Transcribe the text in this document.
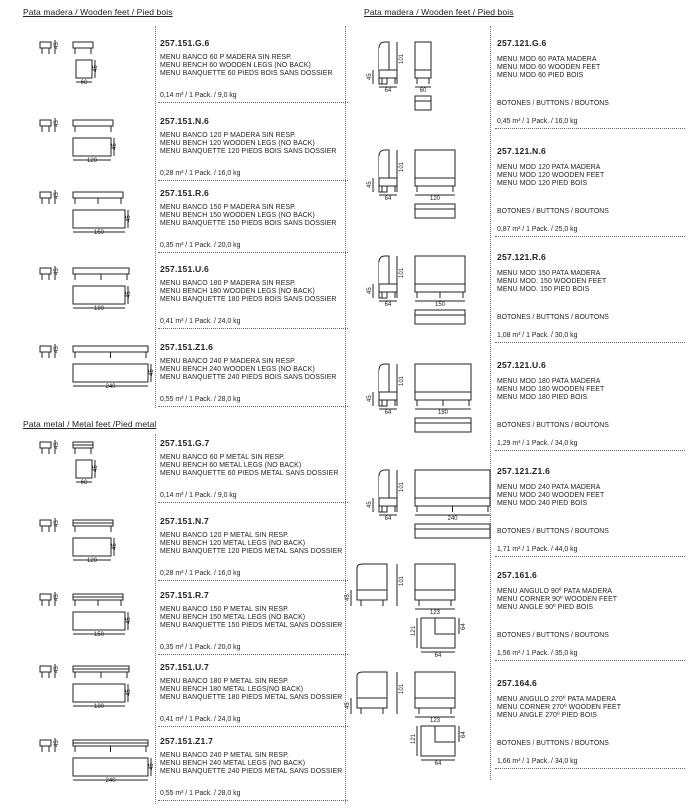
Pata madera / Wooden feet / Pied bois
Pata metal / Metal feet /Pied metal
Pata madera / Wooden feet / Pied bois
45
45
60
257.151.G.6
MENU BANCO 60 P MADERA SIN RESP.
MENU BENCH 60 WOODEN LEGS (NO BACK)
MENU BANQUETTE 60 PIEDS BOIS SANS DOSSIER
0,14 m³ / 1 Pack. / 9,0 kg
45
45
120
257.151.N.6
MENU BANCO 120 P MADERA SIN RESP.
MENU BENCH 120 WOODEN LEGS (NO BACK)
MENU BANQUETTE 120 PIEDS BOIS SANS DOSSIER
0,28 m³ / 1 Pack. / 16,0 kg
45
45
150
257.151.R.6
MENU BANCO 150 P MADERA SIN RESP.
MENU BENCH 150 WOODEN LEGS (NO BACK)
MENU BANQUETTE 150 PIEDS BOIS SANS DOSSIER
0,35 m³ / 1 Pack. / 20,0 kg
45
45
180
257.151.U.6
MENU BANCO 180 P MADERA SIN RESP.
MENU BENCH 180 WOODEN LEGS (NO BACK)
MENU BANQUETTE 180 PIEDS BOIS SANS DOSSIER
0,41 m³ / 1 Pack. / 24,0 kg
45
45
240
257.151.Z1.6
MENU BANCO 240 P MADERA SIN RESP.
MENU BENCH 240 WOODEN LEGS (NO BACK)
MENU BANQUETTE 240 PIEDS BOIS SANS DOSSIER
0,55 m³ / 1 Pack. / 28,0 kg
45
45
60
257.151.G.7
MENU BANCO 60 P METAL SIN RESP.
MENU BENCH 60 METAL LEGS (NO BACK)
MENU BANQUETTE 60 PIEDS METAL SANS DOSSIER
0,14 m³ / 1 Pack. / 9,0 kg
45
45
120
257.151.N.7
MENU BANCO 120 P METAL SIN RESP.
MENU BENCH 120 METAL LEGS (NO BACK)
MENU BANQUETTE 120 PIEDS METAL SANS DOSSIER
0,28 m³ / 1 Pack. / 16,0 kg
45
45
150
257.151.R.7
MENU BANCO 150 P METAL SIN RESP.
MENU BENCH 150 METAL LEGS (NO BACK)
MENU BANQUETTE 150 PIEDS METAL SANS DOSSIER
0,35 m³ / 1 Pack. / 20,0 kg
45
45
180
257.151.U.7
MENU BANCO 180 P METAL SIN RESP.
MENU BENCH 180 METAL LEGS(NO BACK)
MENU BANQUETTE 180 PIEDS METAL SANS DOSSIER
0,41 m³ / 1 Pack. / 24,0 kg
45
45
240
257.151.Z1.7
MENU BANCO 240 P METAL SIN RESP.
MENU BENCH 240 METAL LEGS (NO BACK)
MENU BANQUETTE 240 PIEDS METAL SANS DOSSIER
0,55 m³ / 1 Pack. / 28,0 kg
45
101
64	60
257.121.G.6
MENU MOD 60 PATA MADERA
MENU MOD 60 WOODEN FEET
MENU MOD 60 PIED BOIS
BOTONES / BUTTONS / BOUTONS
0,45 m³ / 1 Pack. / 16,0 kg
45
101
64	120
257.121.N.6
MENU MOD 120 PATA MADERA
MENU MOD 120 WOODEN FEET
MENU MOD 120 PIED BOIS
BOTONES / BUTTONS / BOUTONS
0,87 m³ / 1 Pack. / 25,0 kg
45
101
64	150
257.121.R.6
MENU MOD 150 PATA MADERA
MENU MOD. 150 WOODEN FEET
MENU MOD. 150 PIED BOIS
BOTONES / BUTTONS / BOUTONS
1,08 m³ / 1 Pack. / 30,0 kg
45
101
64	180
257.121.U.6
MENU MOD 180 PATA MADERA
MENU MOD 180 WOODEN FEET
MENU MOD 180 PIED BOIS
BOTONES / BUTTONS / BOUTONS
1,29 m³ / 1 Pack. / 34,0 kg
45
101
64	240
257.121.Z1.6
MENU MOD 240 PATA MADERA
MENU MOD 240 WOODEN FEET
MENU MOD 240 PIED BOIS
BOTONES / BUTTONS / BOUTONS
1,71 m³ / 1 Pack. / 44,0 kg
45
101
123
121	64
64
257.161.6
MENU ANGULO 90º PATA MADERA
MENU CORNER 90º WOODEN FEET
MENU ANGLE 90º PIED BOIS
BOTONES / BUTTONS / BOUTONS
1,56 m³ / 1 Pack. / 35,0 kg
45
101
123
121	64
64
257.164.6
MENU ANGULO 270º PATA MADERA
MENU CORNER 270º WOODEN FEET
MENU ANGLE 270º PIED BOIS
BOTONES / BUTTONS / BOUTONS
1,66 m³ / 1 Pack. / 34,0 kg
